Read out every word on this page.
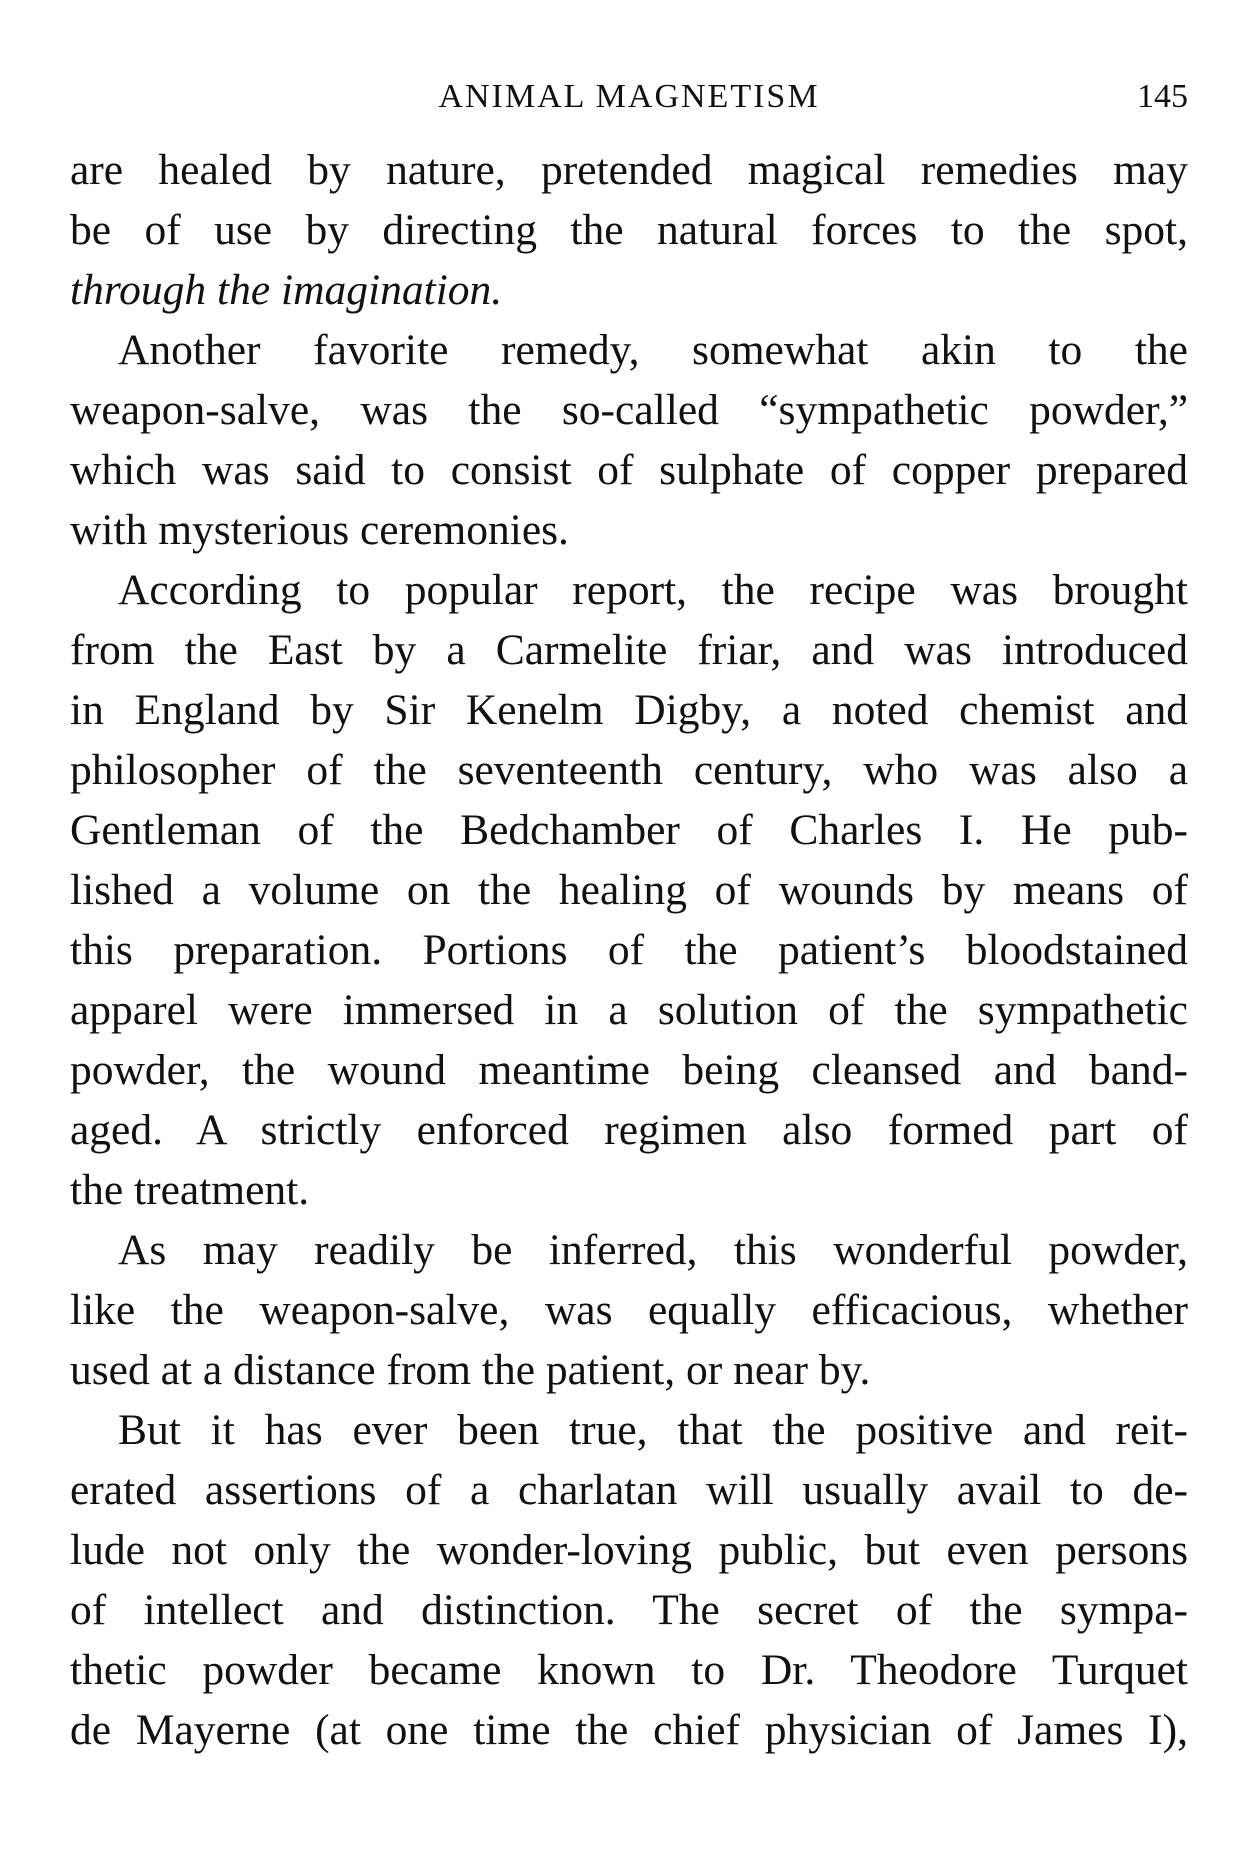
ANIMAL MAGNETISM	145
are healed by nature, pretended magical remedies may
be of use by directing the natural forces to the spot,
through the imagination.
Another favorite remedy, somewhat akin to the
weapon-salve, was the so-called “sympathetic powder,”
which was said to consist of sulphate of copper prepared
with mysterious ceremonies.
According to popular report, the recipe was brought
from the East by a Carmelite friar, and was introduced
in England by Sir Kenelm Digby, a noted chemist and
philosopher of the seventeenth century, who was also a
Gentleman of the Bedchamber of Charles I. He pub-
lished a volume on the healing of wounds by means of
this preparation. Portions of the patient’s bloodstained
apparel were immersed in a solution of the sympathetic
powder, the wound meantime being cleansed and band-
aged. A strictly enforced regimen also formed part of
the treatment.
As may readily be inferred, this wonderful powder,
like the weapon-salve, was equally efficacious, whether
used at a distance from the patient, or near by.
But it has ever been true, that the positive and reit-
erated assertions of a charlatan will usually avail to de-
lude not only the wonder-loving public, but even persons
of intellect and distinction. The secret of the sympa-
thetic powder became known to Dr. Theodore Turquet
de Mayerne (at one time the chief physician of James I),
